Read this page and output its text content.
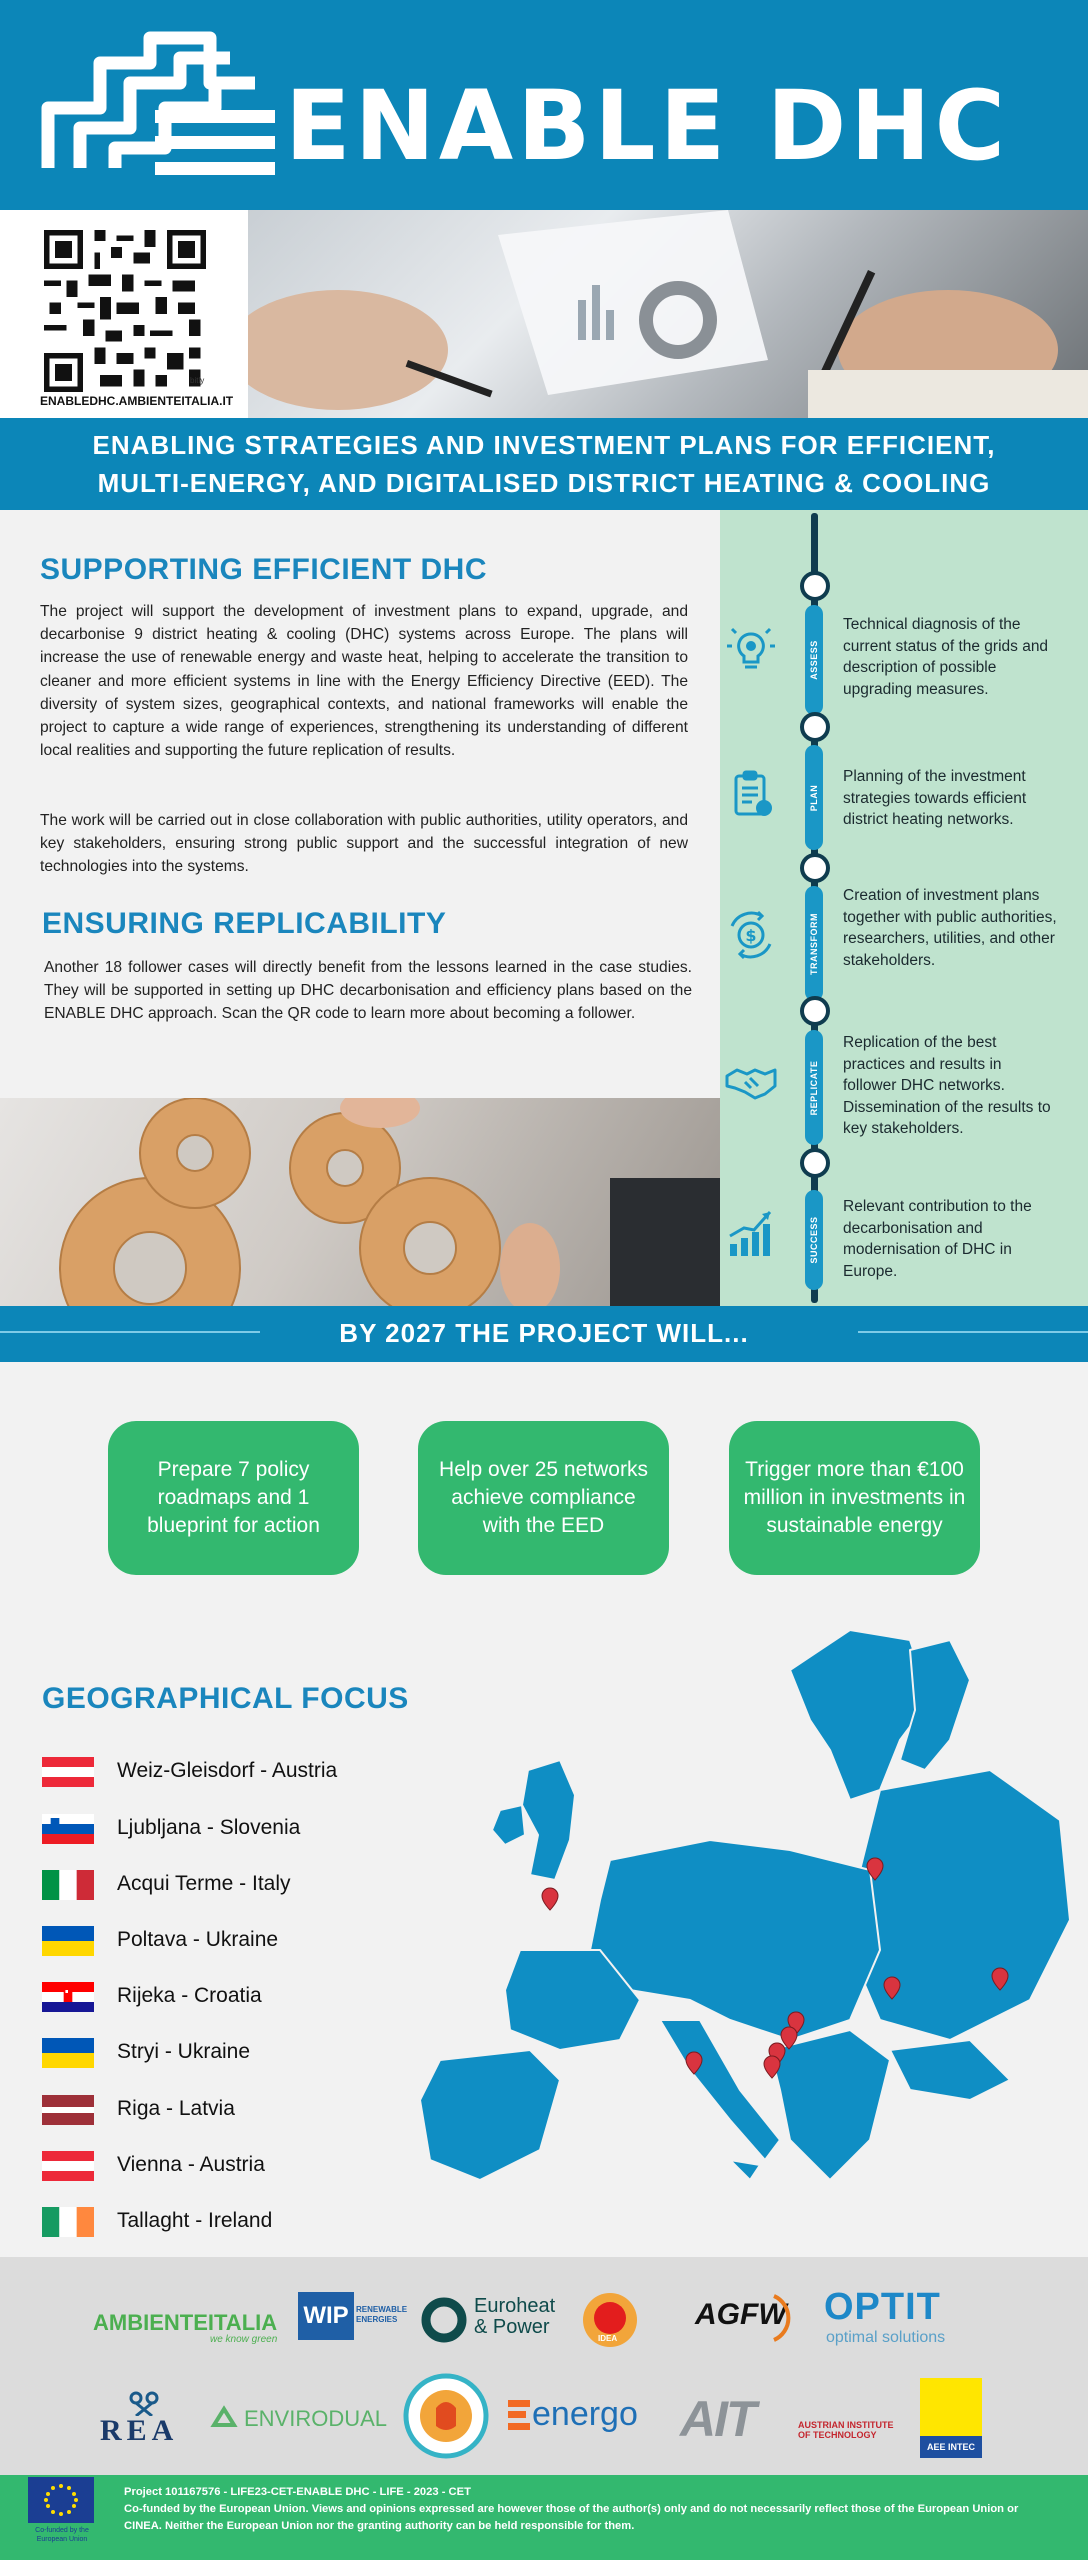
ENABLE DHC
bitly
ENABLEDHC.AMBIENTEITALIA.IT
ENABLING STRATEGIES AND INVESTMENT PLANS FOR EFFICIENT,
MULTI-ENERGY, AND DIGITALISED DISTRICT HEATING & COOLING
SUPPORTING EFFICIENT DHC
The project will support the development of investment plans to expand, upgrade, and decarbonise 9 district heating & cooling (DHC) systems across Europe. The plans will increase the use of renewable energy and waste heat, helping to accelerate the transition to cleaner and more efficient systems in line with the Energy Efficiency Directive (EED). The diversity of system sizes, geographical contexts, and national frameworks will enable the project to capture a wide range of experiences, strengthening its understanding of different local realities and supporting the future replication of results.
The work will be carried out in close collaboration with public authorities, utility operators, and key stakeholders, ensuring strong public support and the successful integration of new technologies into the systems.
ENSURING REPLICABILITY
Another 18 follower cases will directly benefit from the lessons learned in the case studies. They will be supported in setting up DHC decarbonisation and efficiency plans based on the ENABLE DHC approach. Scan the QR code to learn more about becoming a follower.
ASSESS
Technical diagnosis of the current status of the grids and description of possible upgrading measures.
PLAN
Planning of the investment strategies towards efficient district heating networks.
TRANSFORM
$
Creation of investment plans together with public authorities, researchers, utilities, and other stakeholders.
REPLICATE
Replication of the best practices and results in follower DHC networks. Dissemination of the results to key stakeholders.
SUCCESS
Relevant contribution to the decarbonisation and modernisation of DHC in Europe.
BY 2027 THE PROJECT WILL...
Prepare 7 policy roadmaps and 1 blueprint for action
Help over 25 networks achieve compliance with the EED
Trigger more than €100 million in investments in sustainable energy
GEOGRAPHICAL FOCUS
Weiz-Gleisdorf - Austria
Ljubljana - Slovenia
Acqui Terme - Italy
Poltava - Ukraine
Rijeka - Croatia
Stryi - Ukraine
Riga - Latvia
Vienna - Austria
Tallaght - Ireland
AMBIENTEITALIA
we know green
WIP RENEWABLE ENERGIES
Euroheat & Power
IDEA
AGFW OPTIT
optimal solutions
REA	ENVIRODUAL	energo AIT	AUSTRIAN INSTITUTE OF TECHNOLOGY
AEE INTEC
Co-funded by the European Union
Project 101167576 - LIFE23-CET-ENABLE DHC - LIFE - 2023 - CET
Co-funded by the European Union. Views and opinions expressed are however those of the author(s) only and do not necessarily reflect those of the European Union or CINEA. Neither the European Union nor the granting authority can be held responsible for them.
